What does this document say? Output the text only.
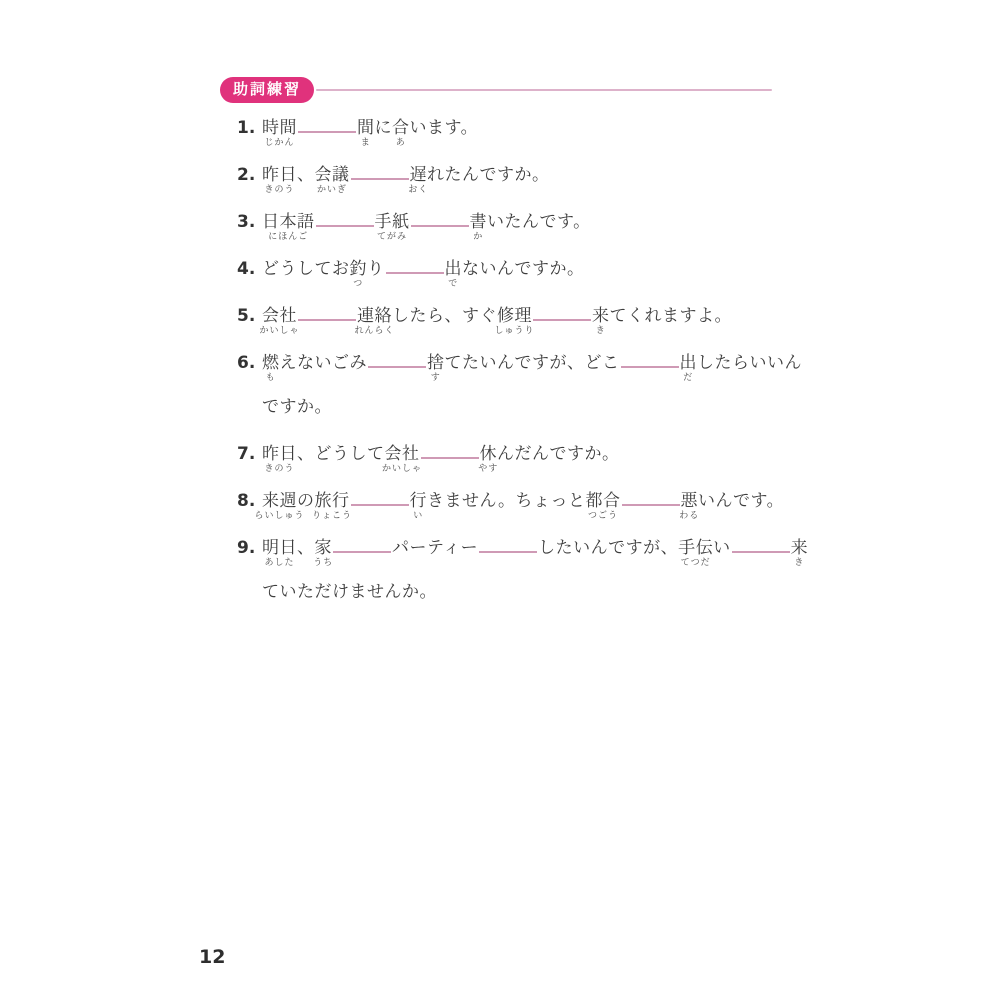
助詞練習
1. 時間
じかん
間
ま
に合
あ
います。
2. 昨日
きのう
、会議
かいぎ
遅
おく
れたんですか。
3. 日本語
にほんご
手紙
てがみ
書
か
いたんです。
4. どうしてお釣
つ
り	出
で
ないんですか。
5. 会社
かいしゃ
連絡
れんらく
したら、すぐ修理
しゅうり
来
き
てくれますよ。
6. 燃
も
えないごみ	捨
す
てたいんですが、どこ	出
だ
したらいいん
ですか。
7. 昨日
きのう
、どうして会社
かいしゃ
休
やす
んだんですか。
8. 来週
らいしゅう
の旅行
りょこう
行
い
きません。ちょっと都合
つごう
悪
わる
いんです。
9. 明日
あした
、家
うち
パーティー	したいんですが、手伝
てつだ
い	来
き

ていただけませんか。
12
